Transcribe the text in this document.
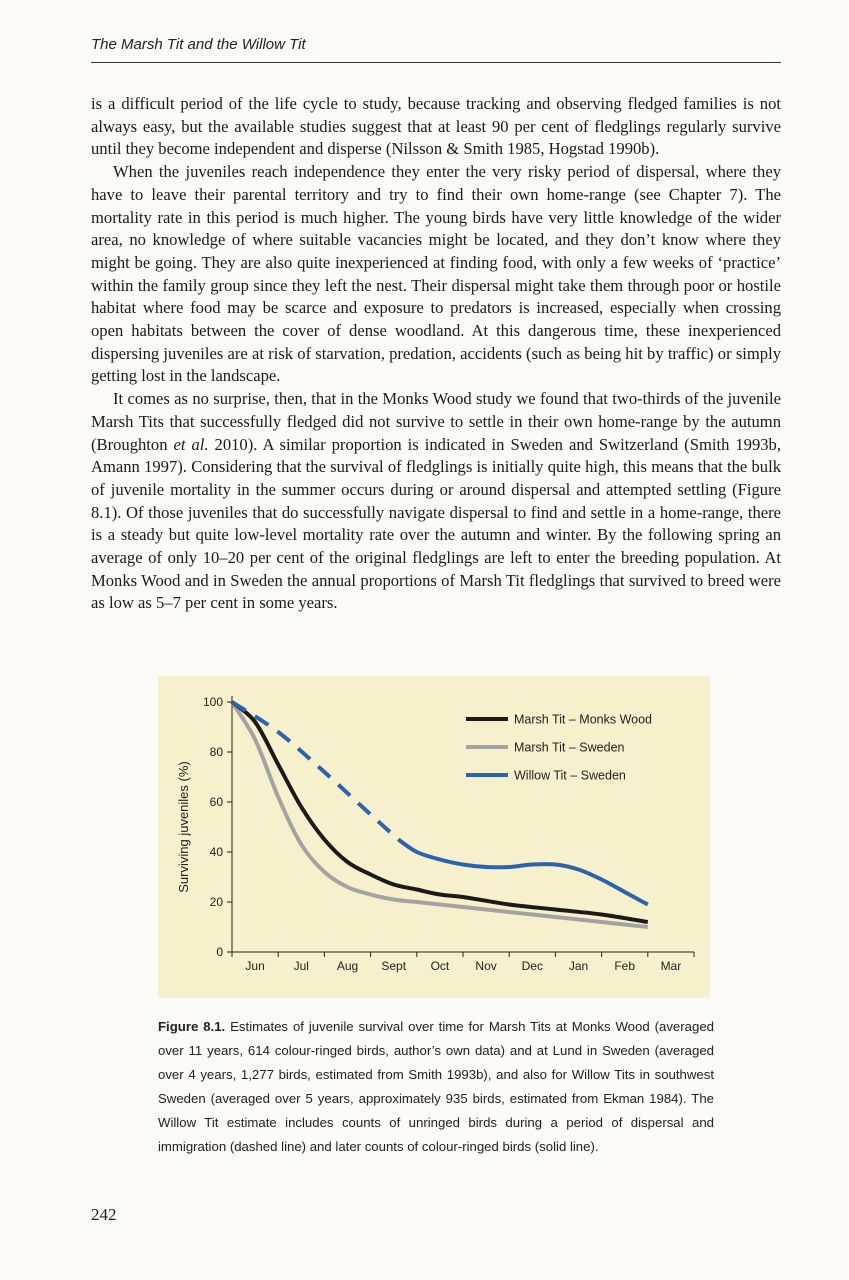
The Marsh Tit and the Willow Tit

is a difficult period of the life cycle to study, because tracking and observing fledged families is not always easy, but the available studies suggest that at least 90 per cent of fledglings regularly survive until they become independent and disperse (Nilsson & Smith 1985, Hogstad 1990b).

When the juveniles reach independence they enter the very risky period of dispersal, where they have to leave their parental territory and try to find their own home-range (see Chapter 7). The mortality rate in this period is much higher. The young birds have very little knowledge of the wider area, no knowledge of where suitable vacancies might be located, and they don’t know where they might be going. They are also quite inexperienced at finding food, with only a few weeks of ‘practice’ within the family group since they left the nest. Their dispersal might take them through poor or hostile habitat where food may be scarce and exposure to predators is increased, especially when crossing open habitats between the cover of dense woodland. At this dangerous time, these inexperienced dispersing juveniles are at risk of starvation, predation, accidents (such as being hit by traffic) or simply getting lost in the landscape.

It comes as no surprise, then, that in the Monks Wood study we found that two-thirds of the juvenile Marsh Tits that successfully fledged did not survive to settle in their own home-range by the autumn (Broughton et al. 2010). A similar proportion is indicated in Sweden and Switzerland (Smith 1993b, Amann 1997). Considering that the survival of fledglings is initially quite high, this means that the bulk of juvenile mortality in the summer occurs during or around dispersal and attempted settling (Figure 8.1). Of those juveniles that do successfully navigate dispersal to find and settle in a home-range, there is a steady but quite low-level mortality rate over the autumn and winter. By the following spring an average of only 10–20 per cent of the original fledglings are left to enter the breeding population. At Monks Wood and in Sweden the annual proportions of Marsh Tit fledglings that survived to breed were as low as 5–7 per cent in some years.

0
20
40
60
80
100
Jun Jul Aug Sept Oct Nov Dec Jan Feb Mar
Surviving juveniles (%)
Marsh Tit – Monks Wood
Marsh Tit – Sweden
Willow Tit – Sweden
Figure 8.1. Estimates of juvenile survival over time for Marsh Tits at Monks Wood (averaged over 11 years, 614 colour-ringed birds, author’s own data) and at Lund in Sweden (averaged over 4 years, 1,277 birds, estimated from Smith 1993b), and also for Willow Tits in southwest Sweden (averaged over 5 years, approximately 935 birds, estimated from Ekman 1984). The Willow Tit estimate includes counts of unringed birds during a period of dispersal and immigration (dashed line) and later counts of colour-ringed birds (solid line).
242
